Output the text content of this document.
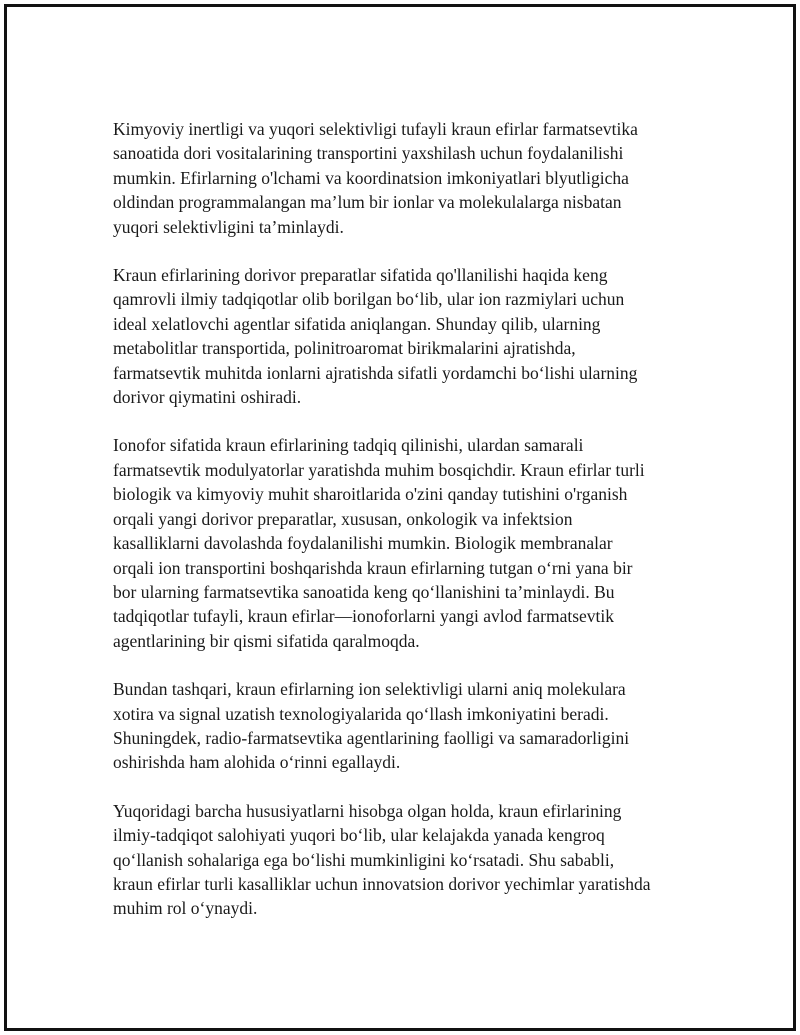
Kimyoviy inertligi va yuqori selektivligi tufayli kraun efirlar farmatsevtika
sanoatida dori vositalarining transportini yaxshilash uchun foydalanilishi
mumkin. Efirlarning o'lchami va koordinatsion imkoniyatlari blyutligicha
oldindan programmalangan ma’lum bir ionlar va molekulalarga nisbatan
yuqori selektivligini ta’minlaydi.

Kraun efirlarining dorivor preparatlar sifatida qo'llanilishi haqida keng
qamrovli ilmiy tadqiqotlar olib borilgan bo‘lib, ular ion razmiylari uchun
ideal xelatlovchi agentlar sifatida aniqlangan. Shunday qilib, ularning
metabolitlar transportida, polinitroaromat birikmalarini ajratishda,
farmatsevtik muhitda ionlarni ajratishda sifatli yordamchi bo‘lishi ularning
dorivor qiymatini oshiradi.

Ionofor sifatida kraun efirlarining tadqiq qilinishi, ulardan samarali
farmatsevtik modulyatorlar yaratishda muhim bosqichdir. Kraun efirlar turli
biologik va kimyoviy muhit sharoitlarida o'zini qanday tutishini o'rganish
orqali yangi dorivor preparatlar, xususan, onkologik va infektsion
kasalliklarni davolashda foydalanilishi mumkin. Biologik membranalar
orqali ion transportini boshqarishda kraun efirlarning tutgan o‘rni yana bir
bor ularning farmatsevtika sanoatida keng qo‘llanishini ta’minlaydi. Bu
tadqiqotlar tufayli, kraun efirlar—ionoforlarni yangi avlod farmatsevtik
agentlarining bir qismi sifatida qaralmoqda.

Bundan tashqari, kraun efirlarning ion selektivligi ularni aniq molekulara
xotira va signal uzatish texnologiyalarida qo‘llash imkoniyatini beradi.
Shuningdek, radio-farmatsevtika agentlarining faolligi va samaradorligini
oshirishda ham alohida o‘rinni egallaydi.

Yuqoridagi barcha hususiyatlarni hisobga olgan holda, kraun efirlarining
ilmiy-tadqiqot salohiyati yuqori bo‘lib, ular kelajakda yanada kengroq
qo‘llanish sohalariga ega bo‘lishi mumkinligini ko‘rsatadi. Shu sababli,
kraun efirlar turli kasalliklar uchun innovatsion dorivor yechimlar yaratishda
muhim rol o‘ynaydi.
